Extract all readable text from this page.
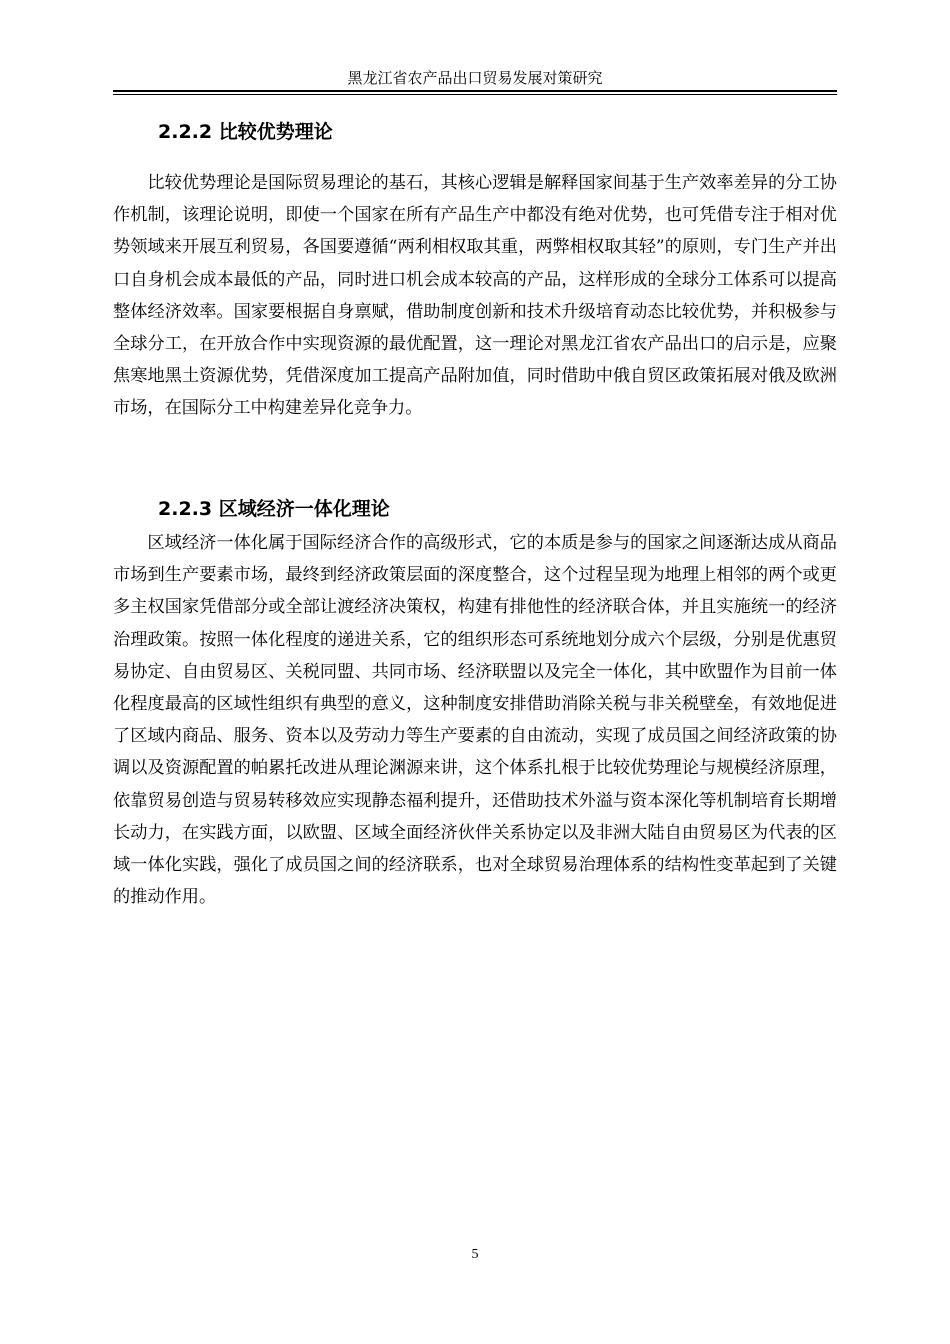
黑龙江省农产品出口贸易发展对策研究
2.2.2 比较优势理论

比较优势理论是国际贸易理论的基石，其核心逻辑是解释国家间基于生产效率差异的分工协作机制，该理论说明，即使一个国家在所有产品生产中都没有绝对优势，也可凭借专注于相对优势领域来开展互利贸易，各国要遵循“两利相权取其重，两弊相权取其轻”的原则，专门生产并出口自身机会成本最低的产品，同时进口机会成本较高的产品，这样形成的全球分工体系可以提高整体经济效率。国家要根据自身禀赋，借助制度创新和技术升级培育动态比较优势，并积极参与全球分工，在开放合作中实现资源的最优配置，这一理论对黑龙江省农产品出口的启示是，应聚焦寒地黑土资源优势，凭借深度加工提高产品附加值，同时借助中俄自贸区政策拓展对俄及欧洲市场，在国际分工中构建差异化竞争力。

2.2.3 区域经济一体化理论

区域经济一体化属于国际经济合作的高级形式，它的本质是参与的国家之间逐渐达成从商品市场到生产要素市场，最终到经济政策层面的深度整合，这个过程呈现为地理上相邻的两个或更多主权国家凭借部分或全部让渡经济决策权，构建有排他性的经济联合体，并且实施统一的经济治理政策。按照一体化程度的递进关系，它的组织形态可系统地划分成六个层级，分别是优惠贸易协定、自由贸易区、关税同盟、共同市场、经济联盟以及完全一体化，其中欧盟作为目前一体化程度最高的区域性组织有典型的意义，这种制度安排借助消除关税与非关税壁垒，有效地促进了区域内商品、服务、资本以及劳动力等生产要素的自由流动，实现了成员国之间经济政策的协调以及资源配置的帕累托改进从理论渊源来讲，这个体系扎根于比较优势理论与规模经济原理，依靠贸易创造与贸易转移效应实现静态福利提升，还借助技术外溢与资本深化等机制培育长期增长动力，在实践方面，以欧盟、区域全面经济伙伴关系协定以及非洲大陆自由贸易区为代表的区域一体化实践，强化了成员国之间的经济联系，也对全球贸易治理体系的结构性变革起到了关键的推动作用。

5
